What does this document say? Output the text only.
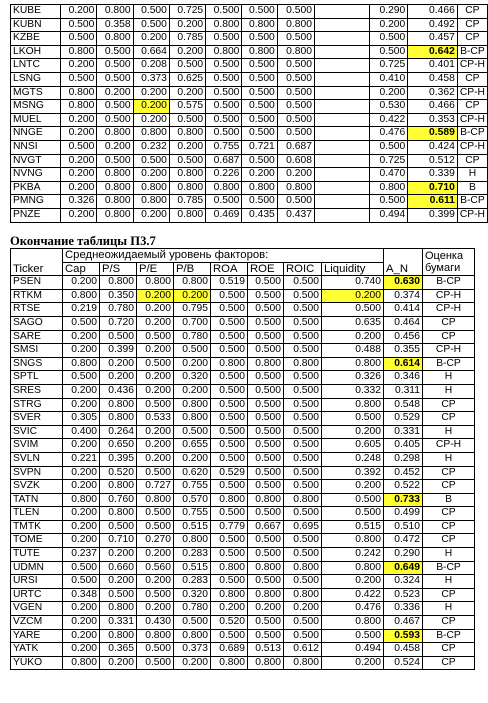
KUBE	0.200	0.800	0.500	0.725	0.500	0.500	0.500		0.290	0.466	CP
KUBN	0.500	0.358	0.500	0.200	0.800	0.800	0.800		0.200	0.492	CP
KZBE	0.500	0.800	0.200	0.785	0.500	0.500	0.500		0.500	0.457	CP
LKOH	0.800	0.500	0.664	0.200	0.800	0.800	0.800		0.500	0.642	B-CP
LNTC	0.200	0.500	0.208	0.500	0.500	0.500	0.500		0.725	0.401	CP-H
LSNG	0.500	0.500	0.373	0.625	0.500	0.500	0.500		0.410	0.458	CP
MGTS	0.800	0.200	0.200	0.200	0.500	0.500	0.500		0.200	0.362	CP-H
MSNG	0.800	0.500	0.200	0.575	0.500	0.500	0.500		0.530	0.466	CP
MUEL	0.200	0.500	0.200	0.500	0.500	0.500	0.500		0.422	0.353	CP-H
NNGE	0.200	0.800	0.800	0.800	0.500	0.500	0.500		0.476	0.589	B-CP
NNSI	0.500	0.200	0.232	0.200	0.755	0.721	0.687		0.500	0.424	CP-H
NVGT	0.200	0.500	0.500	0.500	0.687	0.500	0.608		0.725	0.512	CP
NVNG	0.200	0.800	0.200	0.800	0.226	0.200	0.200		0.470	0.339	H
PKBA	0.200	0.800	0.800	0.800	0.800	0.800	0.800		0.800	0.710	B
PMNG	0.326	0.800	0.800	0.785	0.500	0.500	0.500		0.500	0.611	B-CP
PNZE	0.200	0.800	0.200	0.800	0.469	0.435	0.437		0.494	0.399	CP-H
Окончание таблицы П3.7
Ticker	Среднеожидаемый уровень факторов:								A_N	Оценка бумаги
	Cap	P/S	P/E	P/B	ROA	ROE	ROIC	Liquidity		
PSEN	0.200	0.800	0.800	0.800	0.519	0.500	0.500	0.740	0.630	B-CP
RTKM	0.800	0.350	0.200	0.200	0.500	0.500	0.500	0.200	0.374	CP-H
RTSE	0.219	0.780	0.200	0.795	0.500	0.500	0.500	0.500	0.414	CP-H
SAGO	0.500	0.720	0.200	0.700	0.500	0.500	0.500	0.635	0.464	CP
SARE	0.200	0.500	0.500	0.780	0.500	0.500	0.500	0.200	0.456	CP
SMSI	0.200	0.399	0.200	0.500	0.500	0.500	0.500	0.488	0.355	CP-H
SNGS	0.800	0.200	0.500	0.200	0.800	0.800	0.800	0.800	0.614	B-CP
SPTL	0.500	0.200	0.200	0.320	0.500	0.500	0.500	0.326	0.346	H
SRES	0.200	0.436	0.200	0.200	0.500	0.500	0.500	0.332	0.311	H
STRG	0.200	0.800	0.500	0.800	0.500	0.500	0.500	0.800	0.548	CP
SVER	0.305	0.800	0.533	0.800	0.500	0.500	0.500	0.500	0.529	CP
SVIC	0.400	0.264	0.200	0.500	0.500	0.500	0.500	0.200	0.331	H
SVIM	0.200	0.650	0.200	0.655	0.500	0.500	0.500	0.605	0.405	CP-H
SVLN	0.221	0.395	0.200	0.200	0.500	0.500	0.500	0.248	0.298	H
SVPN	0.200	0.520	0.500	0.620	0.529	0.500	0.500	0.392	0.452	CP
SVZK	0.200	0.800	0.727	0.755	0.500	0.500	0.500	0.200	0.522	CP
TATN	0.800	0.760	0.800	0.570	0.800	0.800	0.800	0.500	0.733	B
TLEN	0.200	0.800	0.500	0.755	0.500	0.500	0.500	0.500	0.499	CP
TMTK	0.200	0.500	0.500	0.515	0.779	0.667	0.695	0.515	0.510	CP
TOME	0.200	0.710	0.270	0.800	0.500	0.500	0.500	0.800	0.472	CP
TUTE	0.237	0.200	0.200	0.283	0.500	0.500	0.500	0.242	0.290	H
UDMN	0.500	0.660	0.560	0.515	0.800	0.800	0.800	0.800	0.649	B-CP
URSI	0.500	0.200	0.200	0.283	0.500	0.500	0.500	0.200	0.324	H
URTC	0.348	0.500	0.500	0.320	0.800	0.800	0.800	0.422	0.523	CP
VGEN	0.200	0.800	0.200	0.780	0.200	0.200	0.200	0.476	0.336	H
VZCM	0.200	0.331	0.430	0.500	0.520	0.500	0.500	0.800	0.467	CP
YARE	0.200	0.800	0.800	0.800	0.500	0.500	0.500	0.500	0.593	B-CP
YATK	0.200	0.365	0.500	0.373	0.689	0.513	0.612	0.494	0.458	CP
YUKO	0.800	0.200	0.500	0.200	0.800	0.800	0.800	0.200	0.524	CP
